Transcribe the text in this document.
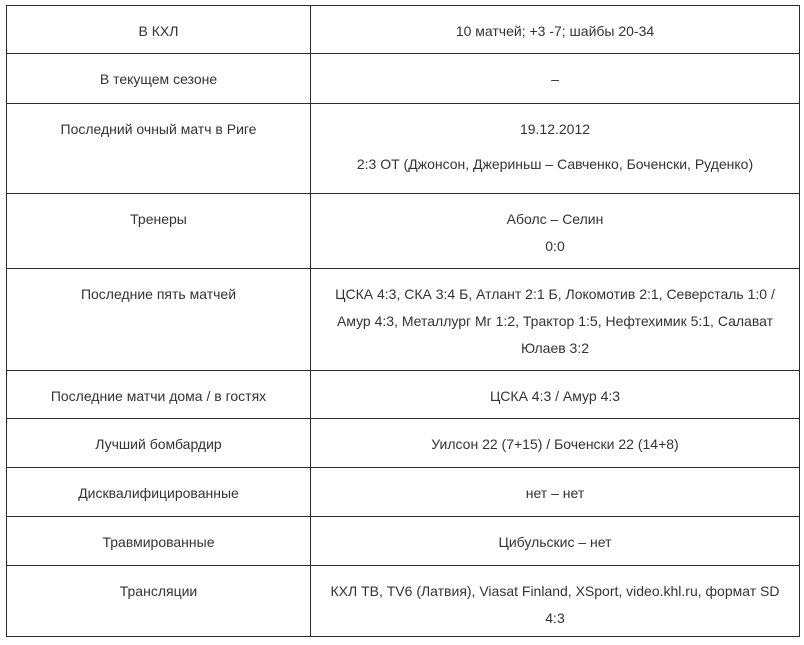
В КХЛ	10 матчей; +3 -7; шайбы 20-34

В текущем сезоне	–

Последний очный матч в Риге	19.12.2012
2:3 ОТ (Джонсон, Джериньш – Савченко, Боченски, Руденко)

Тренеры	Аболс – Селин
0:0

Последние пять матчей	ЦСКА 4:3, СКА 3:4 Б, Атлант 2:1 Б, Локомотив 2:1, Северсталь 1:0 / Амур 4:3, Металлург Мг 1:2, Трактор 1:5, Нефтехимик 5:1, Салават Юлаев 3:2

Последние матчи дома / в гостях	ЦСКА 4:3 / Амур 4:3

Лучший бомбардир	Уилсон 22 (7+15) / Боченски 22 (14+8)

Дисквалифицированные	нет – нет

Травмированные	Цибульскис – нет

Трансляции	КХЛ ТВ, TV6 (Латвия), Viasat Finland, XSport, video.khl.ru, формат SD 4:3
